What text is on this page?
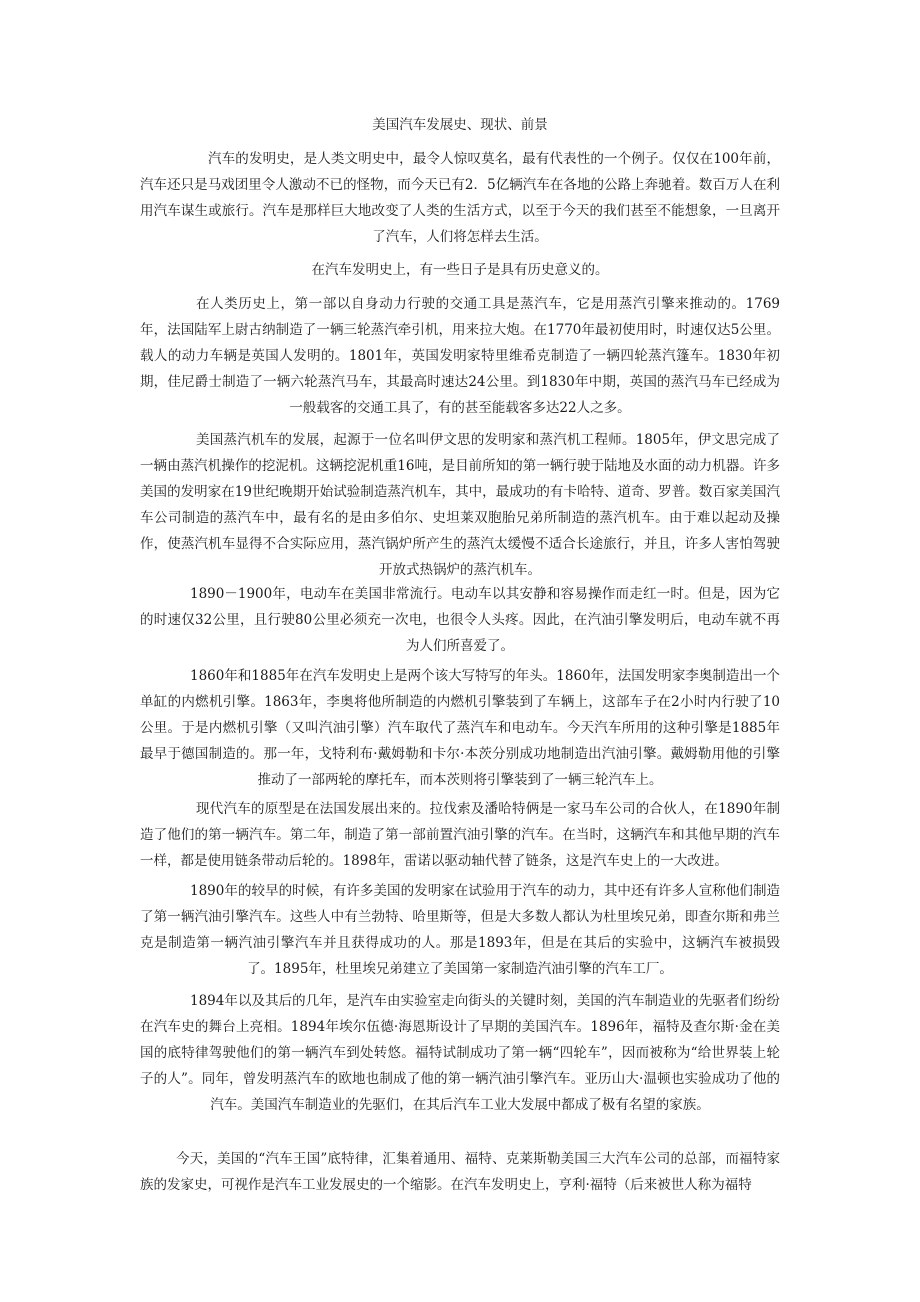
美国汽车发展史、现状、前景

汽车的发明史，是人类文明史中，最令人惊叹莫名，最有代表性的一个例子。仅仅在100年前，汽车还只是马戏团里令人激动不已的怪物，而今天已有2．5亿辆汽车在各地的公路上奔驰着。数百万人在利用汽车谋生或旅行。汽车是那样巨大地改变了人类的生活方式，以至于今天的我们甚至不能想象，一旦离开了汽车，人们将怎样去生活。

在汽车发明史上，有一些日子是具有历史意义的。

在人类历史上，第一部以自身动力行驶的交通工具是蒸汽车，它是用蒸汽引擎来推动的。1769年，法国陆军上尉古纳制造了一辆三轮蒸汽牵引机，用来拉大炮。在1770年最初使用时，时速仅达5公里。载人的动力车辆是英国人发明的。1801年，英国发明家特里维希克制造了一辆四轮蒸汽篷车。1830年初期，佳尼爵士制造了一辆六轮蒸汽马车，其最高时速达24公里。到1830年中期，英国的蒸汽马车已经成为一般载客的交通工具了，有的甚至能载客多达22人之多。

美国蒸汽机车的发展，起源于一位名叫伊文思的发明家和蒸汽机工程师。1805年，伊文思完成了一辆由蒸汽机操作的挖泥机。这辆挖泥机重16吨，是目前所知的第一辆行驶于陆地及水面的动力机器。许多美国的发明家在19世纪晚期开始试验制造蒸汽机车，其中，最成功的有卡哈特、道奇、罗普。数百家美国汽车公司制造的蒸汽车中，最有名的是由多伯尔、史坦莱双胞胎兄弟所制造的蒸汽机车。由于难以起动及操作，使蒸汽机车显得不合实际应用，蒸汽锅炉所产生的蒸汽太缓慢不适合长途旅行，并且，许多人害怕驾驶开放式热锅炉的蒸汽机车。

1890－1900年，电动车在美国非常流行。电动车以其安静和容易操作而走红一时。但是，因为它的时速仅32公里，且行驶80公里必须充一次电，也很令人头疼。因此，在汽油引擎发明后，电动车就不再为人们所喜爱了。

1860年和1885年在汽车发明史上是两个该大写特写的年头。1860年，法国发明家李奥制造出一个单缸的内燃机引擎。1863年，李奥将他所制造的内燃机引擎装到了车辆上，这部车子在2小时内行驶了10公里。于是内燃机引擎（又叫汽油引擎）汽车取代了蒸汽车和电动车。今天汽车所用的这种引擎是1885年最早于德国制造的。那一年，戈特利布·戴姆勒和卡尔·本茨分别成功地制造出汽油引擎。戴姆勒用他的引擎推动了一部两轮的摩托车，而本茨则将引擎装到了一辆三轮汽车上。

现代汽车的原型是在法国发展出来的。拉伐索及潘哈特俩是一家马车公司的合伙人，在1890年制造了他们的第一辆汽车。第二年，制造了第一部前置汽油引擎的汽车。在当时，这辆汽车和其他早期的汽车一样，都是使用链条带动后轮的。1898年，雷诺以驱动轴代替了链条，这是汽车史上的一大改进。

1890年的较早的时候，有许多美国的发明家在试验用于汽车的动力，其中还有许多人宣称他们制造了第一辆汽油引擎汽车。这些人中有兰勃特、哈里斯等，但是大多数人都认为杜里埃兄弟，即查尔斯和弗兰克是制造第一辆汽油引擎汽车并且获得成功的人。那是1893年，但是在其后的实验中，这辆汽车被损毁了。1895年，杜里埃兄弟建立了美国第一家制造汽油引擎的汽车工厂。

1894年以及其后的几年，是汽车由实验室走向街头的关键时刻，美国的汽车制造业的先驱者们纷纷在汽车史的舞台上亮相。1894年埃尔伍德·海恩斯设计了早期的美国汽车。1896年，福特及查尔斯·金在美国的底特律驾驶他们的第一辆汽车到处转悠。福特试制成功了第一辆“四轮车”，因而被称为“给世界装上轮子的人”。同年，曾发明蒸汽车的欧地也制成了他的第一辆汽油引擎汽车。亚历山大·温顿也实验成功了他的汽车。美国汽车制造业的先驱们，在其后汽车工业大发展中都成了极有名望的家族。

今天，美国的“汽车王国”底特律，汇集着通用、福特、克莱斯勒美国三大汽车公司的总部，而福特家族的发家史，可视作是汽车工业发展史的一个缩影。在汽车发明史上，亨利·福特（后来被世人称为福特
